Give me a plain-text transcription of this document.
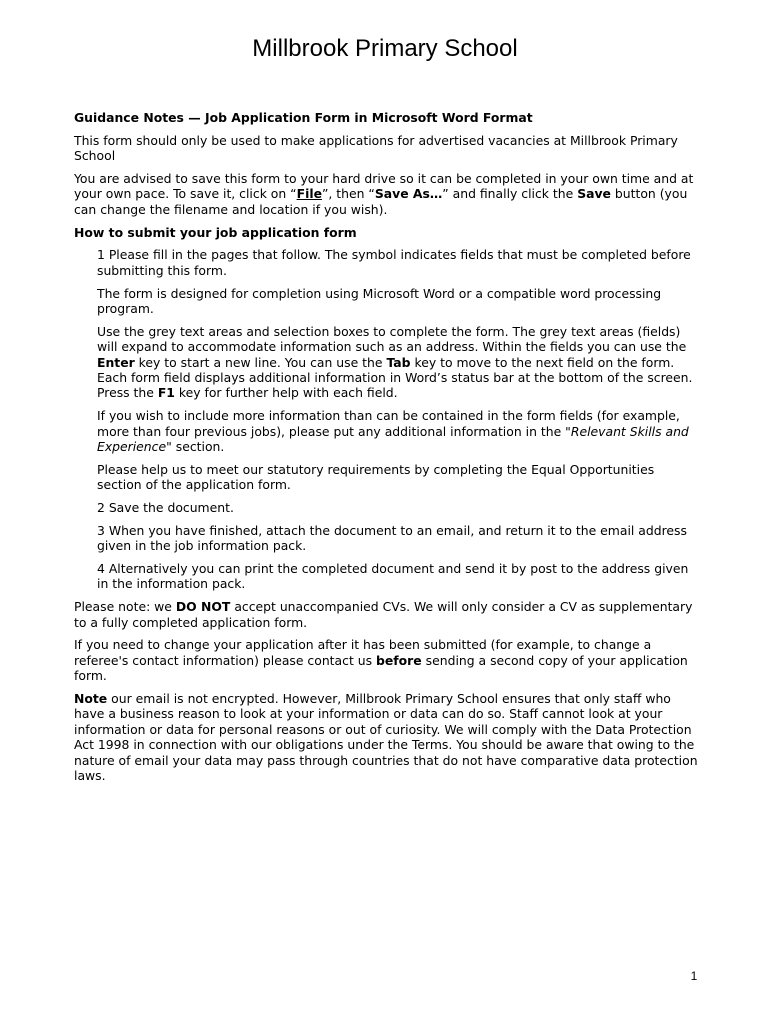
Millbrook Primary School

Guidance Notes — Job Application Form in Microsoft Word Format

This form should only be used to make applications for advertised vacancies at Millbrook Primary School

You are advised to save this form to your hard drive so it can be completed in your own time and at your own pace. To save it, click on “File”, then “Save As…” and finally click the Save button (you can change the filename and location if you wish).

How to submit your job application form

1 Please fill in the pages that follow. The symbol indicates fields that must be completed before submitting this form.

The form is designed for completion using Microsoft Word or a compatible word processing program.

Use the grey text areas and selection boxes to complete the form. The grey text areas (fields) will expand to accommodate information such as an address. Within the fields you can use the Enter key to start a new line. You can use the Tab key to move to the next field on the form. Each form field displays additional information in Word’s status bar at the bottom of the screen. Press the F1 key for further help with each field.

If you wish to include more information than can be contained in the form fields (for example, more than four previous jobs), please put any additional information in the "Relevant Skills and Experience" section.

Please help us to meet our statutory requirements by completing the Equal Opportunities section of the application form.

2 Save the document.

3 When you have finished, attach the document to an email, and return it to the email address given in the job information pack.

4 Alternatively you can print the completed document and send it by post to the address given in the information pack.

Please note: we DO NOT accept unaccompanied CVs. We will only consider a CV as supplementary to a fully completed application form.

If you need to change your application after it has been submitted (for example, to change a referee's contact information) please contact us before sending a second copy of your application form.

Note our email is not encrypted. However, Millbrook Primary School ensures that only staff who have a business reason to look at your information or data can do so. Staff cannot look at your information or data for personal reasons or out of curiosity. We will comply with the Data Protection Act 1998 in connection with our obligations under the Terms. You should be aware that owing to the nature of email your data may pass through countries that do not have comparative data protection laws.

1
